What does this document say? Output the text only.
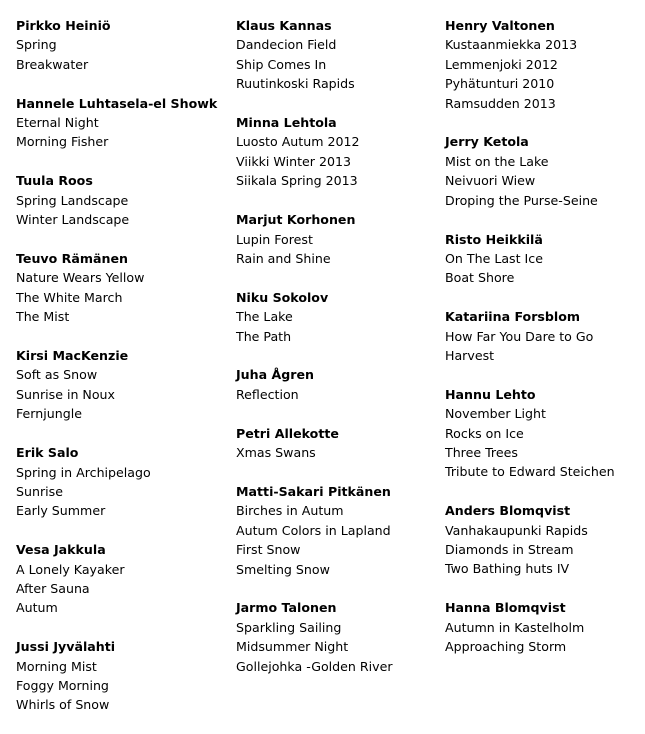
Pirkko Heiniö
Spring
Breakwater
Hannele Luhtasela-el Showk
Eternal Night
Morning Fisher
Tuula Roos
Spring Landscape
Winter Landscape
Teuvo Rämänen
Nature Wears Yellow
The White March
The Mist
Kirsi MacKenzie
Soft as Snow
Sunrise in Noux
Fernjungle
Erik Salo
Spring in Archipelago
Sunrise
Early Summer
Vesa Jakkula
A Lonely Kayaker
After Sauna
Autum
Jussi Jyvälahti
Morning Mist
Foggy Morning
Whirls of Snow
Klaus Kannas
Dandecion Field
Ship Comes In
Ruutinkoski Rapids
Minna Lehtola
Luosto Autum 2012
Viikki Winter 2013
Siikala Spring 2013
Marjut Korhonen
Lupin Forest
Rain and Shine
Niku Sokolov
The Lake
The Path
Juha Ågren
Reflection
Petri Allekotte
Xmas Swans
Matti-Sakari Pitkänen
Birches in Autum
Autum Colors in Lapland
First Snow
Smelting Snow
Jarmo Talonen
Sparkling Sailing
Midsummer Night
Gollejohka -Golden River
Henry Valtonen
Kustaanmiekka 2013
Lemmenjoki 2012
Pyhätunturi 2010
Ramsudden 2013
Jerry Ketola
Mist on the Lake
Neivuori Wiew
Droping the Purse-Seine
Risto Heikkilä
On The Last Ice
Boat Shore
Katariina Forsblom
How Far You Dare to Go
Harvest
Hannu Lehto
November Light
Rocks on Ice
Three Trees
Tribute to Edward Steichen
Anders Blomqvist
Vanhakaupunki Rapids
Diamonds in Stream
Two Bathing huts IV
Hanna Blomqvist
Autumn in Kastelholm
Approaching Storm
